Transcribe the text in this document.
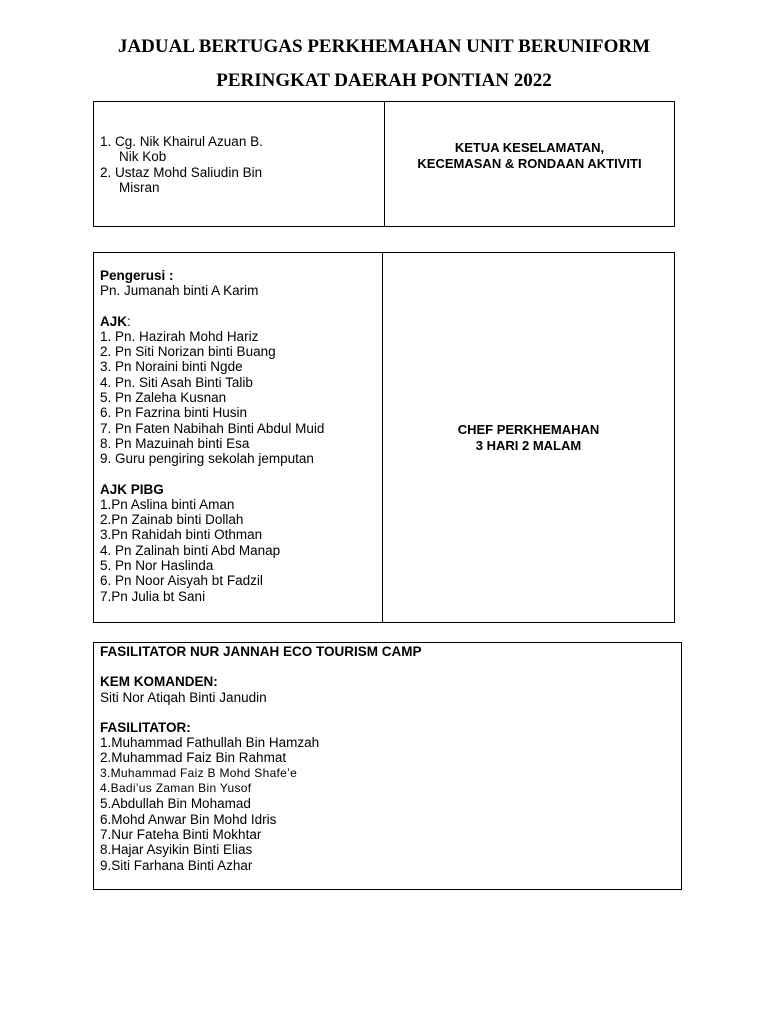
JADUAL BERTUGAS PERKHEMAHAN UNIT BERUNIFORM
PERINGKAT DAERAH PONTIAN 2022
1. Cg. Nik Khairul Azuan B.
Nik Kob
2. Ustaz Mohd Saliudin Bin
Misran
KETUA KESELAMATAN,
KECEMASAN & RONDAAN AKTIVITI
Pengerusi :
Pn. Jumanah binti A Karim
AJK:
1. Pn. Hazirah Mohd Hariz
2. Pn Siti Norizan binti Buang
3. Pn Noraini binti Ngde
4. Pn. Siti Asah Binti Talib
5. Pn Zaleha Kusnan
6. Pn Fazrina binti Husin
7. Pn Faten Nabihah Binti Abdul Muid
8. Pn Mazuinah binti Esa
9. Guru pengiring sekolah jemputan
AJK PIBG
1.Pn Aslina binti Aman
2.Pn Zainab binti Dollah
3.Pn Rahidah binti Othman
4. Pn Zalinah binti Abd Manap
5. Pn Nor Haslinda
6. Pn Noor Aisyah bt Fadzil
7.Pn Julia bt Sani
CHEF PERKHEMAHAN
3 HARI 2 MALAM
FASILITATOR NUR JANNAH ECO TOURISM CAMP
KEM KOMANDEN:
Siti Nor Atiqah Binti Janudin
FASILITATOR:
1.Muhammad Fathullah Bin Hamzah
2.Muhammad Faiz Bin Rahmat
3.Muhammad Faiz B Mohd Shafe’e
4.Badi’us Zaman Bin Yusof
5.Abdullah Bin Mohamad
6.Mohd Anwar Bin Mohd Idris
7.Nur Fateha Binti Mokhtar
8.Hajar Asyikin Binti Elias
9.Siti Farhana Binti Azhar
